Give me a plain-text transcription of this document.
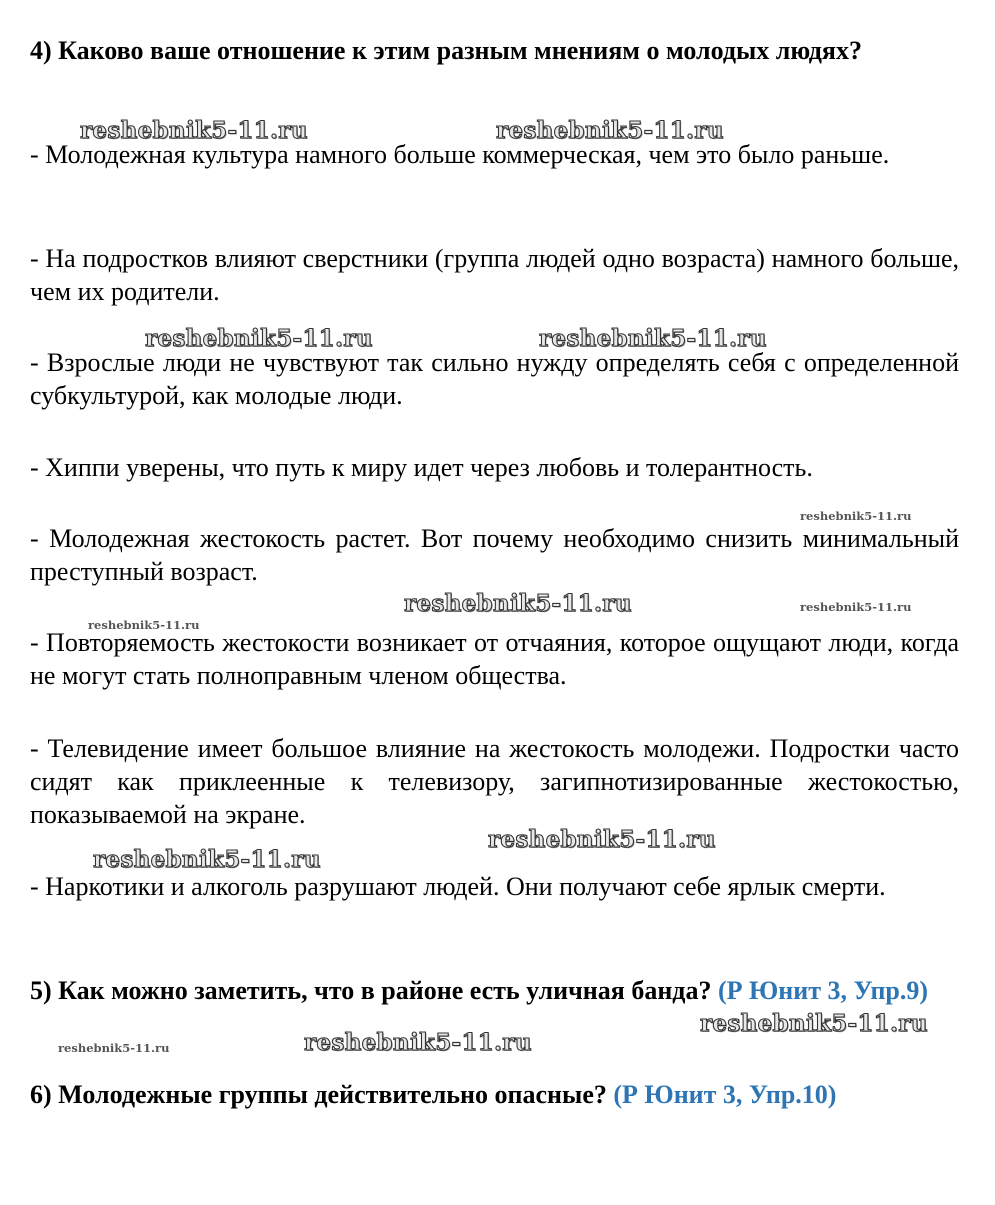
4) Каково ваше отношение к этим разным мнениям о молодых людях?
- Молодежная культура намного больше коммерческая, чем это было раньше.
- На подростков влияют сверстники (группа людей одно возраста) намного больше, чем их родители.
- Взрослые люди не чувствуют так сильно нужду определять себя с определенной субкультурой, как молодые люди.
- Хиппи уверены, что путь к миру идет через любовь и толерантность.
- Молодежная жестокость растет. Вот почему необходимо снизить минимальный преступный возраст.
- Повторяемость жестокости возникает от отчаяния, которое ощущают люди, когда не могут стать полноправным членом общества.
- Телевидение имеет большое влияние на жестокость молодежи. Подростки часто сидят как приклеенные к телевизору, загипнотизированные жестокостью, показываемой на экране.
- Наркотики и алкоголь разрушают людей. Они получают себе ярлык смерти.
5) Как можно заметить, что в районе есть уличная банда? (Р Юнит 3, Упр.9)
6) Молодежные группы действительно опасные? (Р Юнит 3, Упр.10)
reshebnik5-11.ru	reshebnik5-11.ru
reshebnik5-11.ru	reshebnik5-11.ru
reshebnik5-11.ru
reshebnik5-11.ru	reshebnik5-11.ru
reshebnik5-11.ru
reshebnik5-11.ru
reshebnik5-11.ru
reshebnik5-11.ru
reshebnik5-11.ru
reshebnik5-11.ru
